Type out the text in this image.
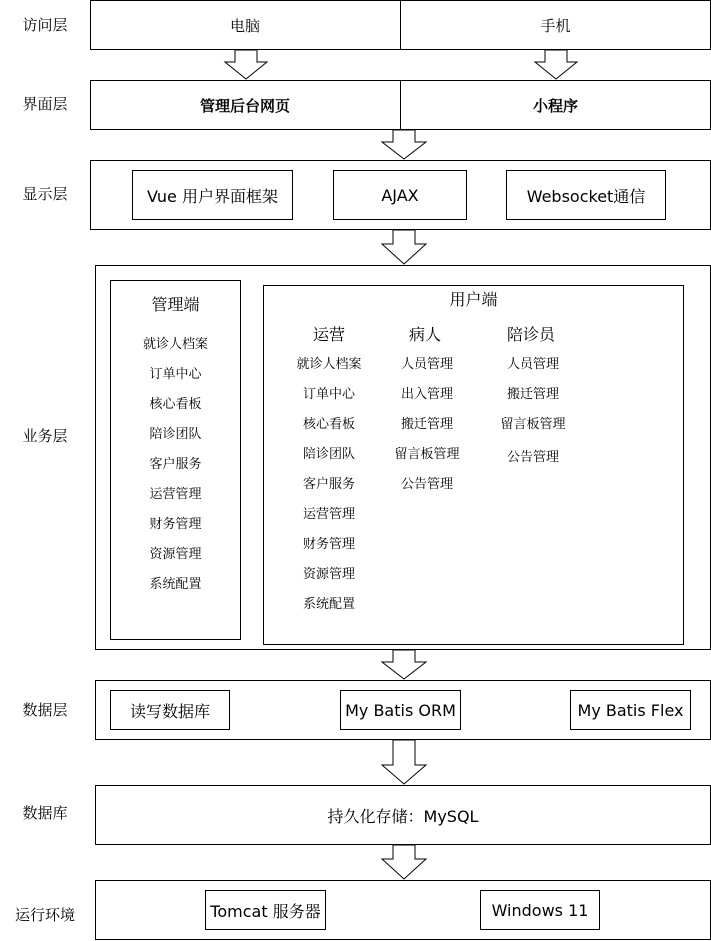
访问层
界面层
显示层
业务层
数据层
数据库
运行环境
电脑	手机
管理后台网页	小程序
Vue 用户界面框架	AJAX	Websocket通信
管理端
就诊人档案
订单中心
核心看板
陪诊团队
客户服务
运营管理
财务管理
资源管理
系统配置
用户端
运营	病人	陪诊员
就诊人档案
订单中心
核心看板
陪诊团队
客户服务
运营管理
财务管理
资源管理
系统配置
人员管理
出入管理
搬迁管理
留言板管理
公告管理
人员管理
搬迁管理
留言板管理
公告管理
读写数据库	My Batis ORM	My Batis Flex
持久化存储：MySQL
Tomcat 服务器	Windows 11
